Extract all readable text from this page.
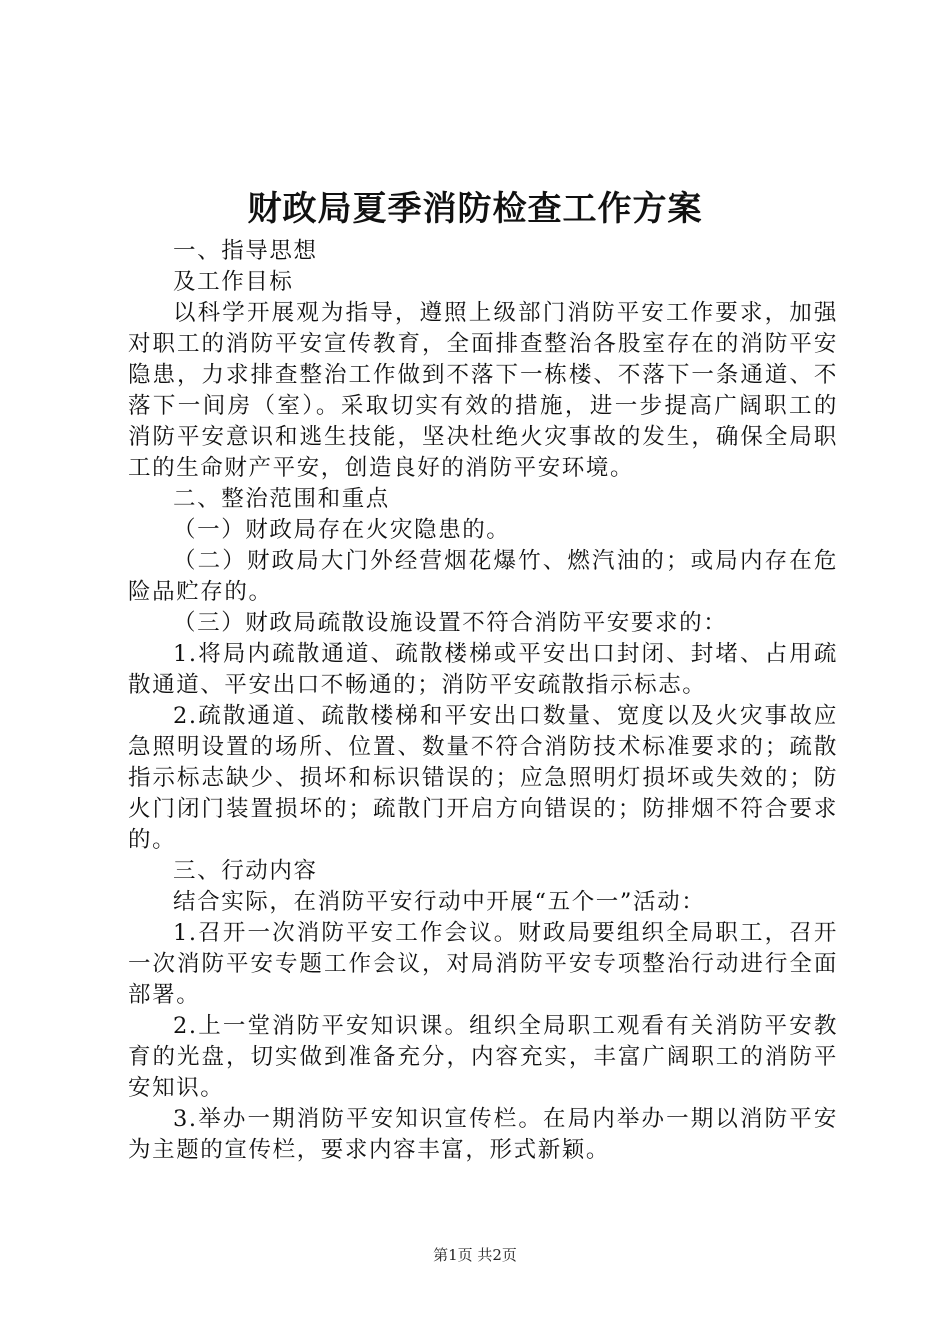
财政局夏季消防检查工作方案

一、指导思想

及工作目标

以科学开展观为指导，遵照上级部门消防平安工作要求，加强对职工的消防平安宣传教育，全面排查整治各股室存在的消防平安隐患，力求排查整治工作做到不落下一栋楼、不落下一条通道、不落下一间房（室）。采取切实有效的措施，进一步提高广阔职工的消防平安意识和逃生技能，坚决杜绝火灾事故的发生，确保全局职工的生命财产平安，创造良好的消防平安环境。

二、整治范围和重点

（一）财政局存在火灾隐患的。

（二）财政局大门外经营烟花爆竹、燃汽油的；或局内存在危险品贮存的。

（三）财政局疏散设施设置不符合消防平安要求的：

1.将局内疏散通道、疏散楼梯或平安出口封闭、封堵、占用疏散通道、平安出口不畅通的；消防平安疏散指示标志。

2.疏散通道、疏散楼梯和平安出口数量、宽度以及火灾事故应急照明设置的场所、位置、数量不符合消防技术标准要求的；疏散指示标志缺少、损坏和标识错误的；应急照明灯损坏或失效的；防火门闭门装置损坏的；疏散门开启方向错误的；防排烟不符合要求的。

三、行动内容

结合实际，在消防平安行动中开展“五个一”活动：

1.召开一次消防平安工作会议。财政局要组织全局职工，召开一次消防平安专题工作会议，对局消防平安专项整治行动进行全面部署。

2.上一堂消防平安知识课。组织全局职工观看有关消防平安教育的光盘，切实做到准备充分，内容充实，丰富广阔职工的消防平安知识。

3.举办一期消防平安知识宣传栏。在局内举办一期以消防平安为主题的宣传栏，要求内容丰富，形式新颖。

第1页 共2页
